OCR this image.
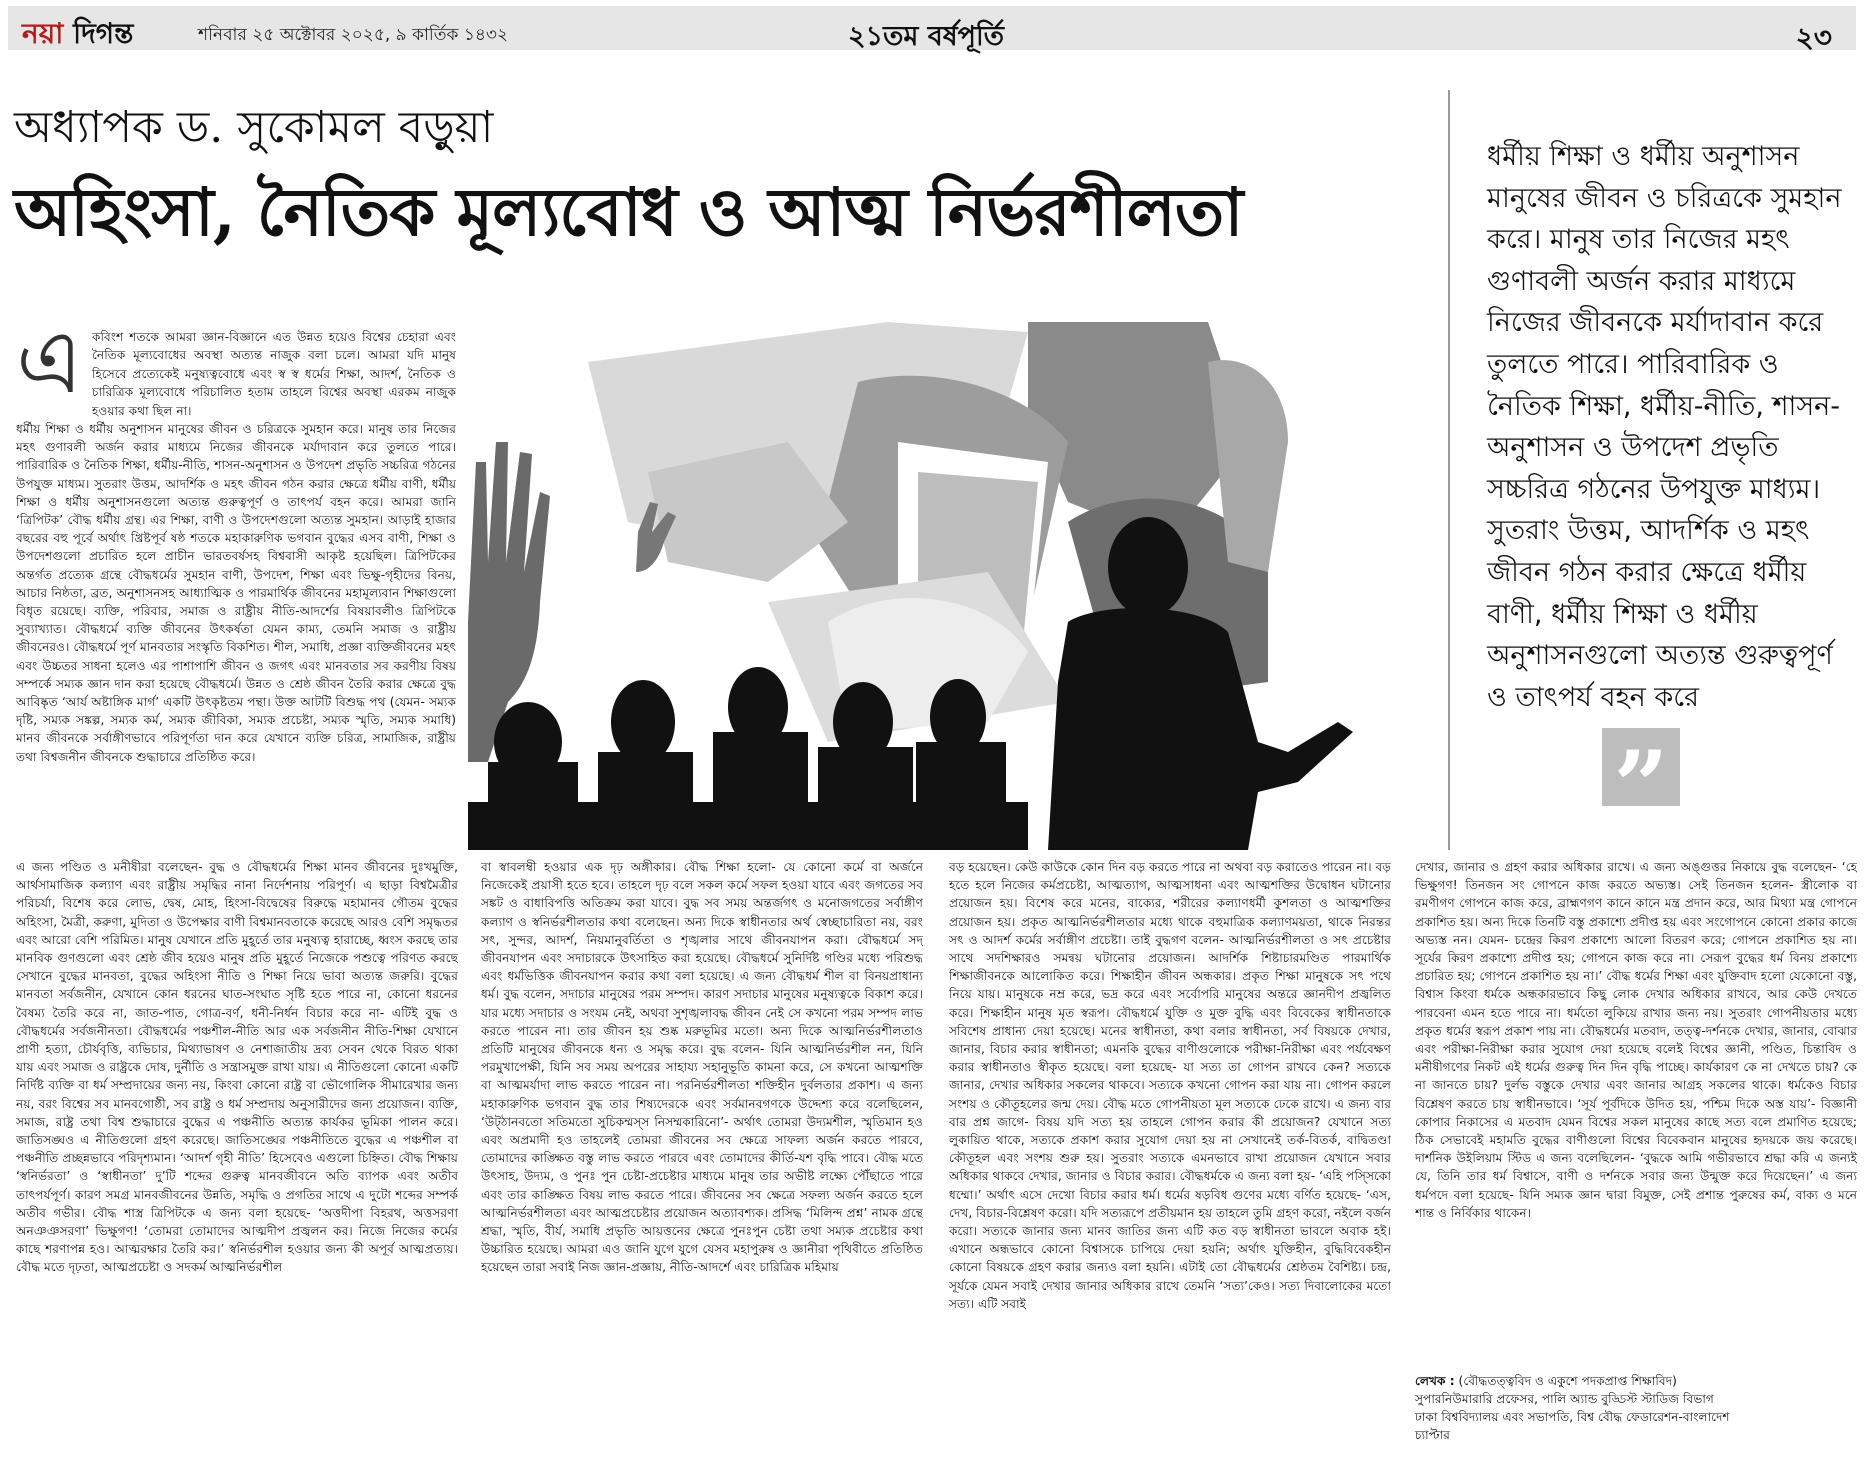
নয়া দিগন্ত	শনিবার ২৫ অক্টোবর ২০২৫, ৯ কার্তিক ১৪৩২	২১তম বর্ষপূর্তি	২৩
অধ্যাপক ড. সুকোমল বড়ুয়া
অহিংসা, নৈতিক মূল্যবোধ ও আত্ম নির্ভরশীলতা
ধর্মীয় শিক্ষা ও ধর্মীয় অনুশাসন মানুষের জীবন ও চরিত্রকে সুমহান করে। মানুষ তার নিজের মহৎ গুণাবলী অর্জন করার মাধ্যমে নিজের জীবনকে মর্যাদাবান করে তুলতে পারে। পারিবারিক ও নৈতিক শিক্ষা, ধর্মীয়-নীতি, শাসন-অনুশাসন ও উপদেশ প্রভৃতি সচ্চরিত্র গঠনের উপযুক্ত মাধ্যম। সুতরাং উত্তম, আদর্শিক ও মহৎ জীবন গঠন করার ক্ষেত্রে ধর্মীয় বাণী, ধর্মীয় শিক্ষা ও ধর্মীয় অনুশাসনগুলো অত্যন্ত গুরুত্বপূর্ণ ও তাৎপর্য বহন করে
”
এ কবিংশ শতকে আমরা জ্ঞান-বিজ্ঞানে এত উন্নত হয়েও বিশ্বের চেহারা এবং নৈতিক মূল্যবোধের অবস্থা অত্যন্ত নাজুক বলা চলে। আমরা যদি মানুষ হিসেবে প্রত্যেকেই মনুষ্যত্ববোধে এবং স্ব স্ব ধর্মের শিক্ষা, আদর্শ, নৈতিক ও চারিত্রিক মূল্যবোধে পরিচালিত হতাম তাহলে বিশ্বের অবস্থা এরকম নাজুক হওয়ার কথা ছিল না।
ধর্মীয় শিক্ষা ও ধর্মীয় অনুশাসন মানুষের জীবন ও চরিত্রকে সুমহান করে। মানুষ তার নিজের মহৎ গুণাবলী অর্জন করার মাধ্যমে নিজের জীবনকে মর্যাদাবান করে তুলতে পারে। পারিবারিক ও নৈতিক শিক্ষা, ধর্মীয়-নীতি, শাসন-অনুশাসন ও উপদেশ প্রভৃতি সচ্চরিত্র গঠনের উপযুক্ত মাধ্যম। সুতরাং উত্তম, আদর্শিক ও মহৎ জীবন গঠন করার ক্ষেত্রে ধর্মীয় বাণী, ধর্মীয় শিক্ষা ও ধর্মীয় অনুশাসনগুলো অত্যন্ত গুরুত্বপূর্ণ ও তাৎপর্য বহন করে। আমরা জানি ‘ত্রিপিটক’ বৌদ্ধ ধর্মীয় গ্রন্থ। এর শিক্ষা, বাণী ও উপদেশগুলো অত্যন্ত সুমহান। আড়াই হাজার বছরের বহু পূর্বে অর্থাৎ খ্রিষ্টপূর্ব ষষ্ঠ শতকে মহাকারুণিক ভগবান বুদ্ধের এসব বাণী, শিক্ষা ও উপদেশগুলো প্রচারিত হলে প্রাচীন ভারতবর্ষসহ বিশ্ববাসী আকৃষ্ট হয়েছিল। ত্রিপিটকের অন্তর্গত প্রত্যেক গ্রন্থে বৌদ্ধধর্মের সুমহান বাণী, উপদেশ, শিক্ষা এবং ভিক্ষু-গৃহীদের বিনয়, আচার নিষ্ঠতা, ব্রত, অনুশাসনসহ আধ্যাত্মিক ও পারমার্থিক জীবনের মহামূল্যবান শিক্ষাগুলো বিধৃত রয়েছে। ব্যক্তি, পরিবার, সমাজ ও রাষ্ট্রীয় নীতি-আদর্শের বিষয়াবলীও ত্রিপিটকে সুব্যাখ্যাত। বৌদ্ধধর্মে ব্যক্তি জীবনের উৎকর্ষতা যেমন কাম্য, তেমনি সমাজ ও রাষ্ট্রীয় জীবনেরও। বৌদ্ধধর্মে পূর্ণ মানবতার সংস্কৃতি বিকশিত। শীল, সমাধি, প্রজ্ঞা ব্যক্তিজীবনের মহৎ এবং উচ্চতর সাধনা হলেও এর পাশাপাশি জীবন ও জগৎ এবং মানবতার সব করণীয় বিষয় সম্পর্কে সম্যক জ্ঞান দান করা হয়েছে বৌদ্ধধর্মে। উন্নত ও শ্রেষ্ঠ জীবন তৈরি করার ক্ষেত্রে বুদ্ধ আবিষ্কৃত ‘আর্য অষ্টাঙ্গিক মার্গ’ একটি উৎকৃষ্টতম পন্থা। উক্ত আটটি বিশুদ্ধ পথ (যেমন- সম্যক দৃষ্টি, সম্যক সঙ্কল্প, সম্যক কর্ম, সম্যক জীবিকা, সম্যক প্রচেষ্টা, সম্যক স্মৃতি, সম্যক সমাধি) মানব জীবনকে সর্বাঙ্গীণভাবে পরিপূর্ণতা দান করে যেখানে ব্যক্তি চরিত্র, সামাজিক, রাষ্ট্রীয় তথা বিশ্বজনীন জীবনকে শুদ্ধাচারে প্রতিষ্ঠিত করে।
এ জন্য পণ্ডিত ও মনীষীরা বলেছেন- বুদ্ধ ও বৌদ্ধধর্মের শিক্ষা মানব জীবনের দুঃখমুক্তি, আর্থসামাজিক কল্যাণ এবং রাষ্ট্রীয় সমৃদ্ধির নানা নির্দেশনায় পরিপূর্ণ। এ ছাড়া বিশ্বমৈত্রীর পরিচর্যা, বিশেষ করে লোভ, দ্বেষ, মোহ, হিংসা-বিদ্বেষের বিরুদ্ধে মহামানব গৌতম বুদ্ধের অহিংসা, মৈত্রী, করুণা, মুদিতা ও উপেক্ষার বাণী বিশ্বমানবতাকে করেছে আরও বেশি সমৃদ্ধতর এবং আরো বেশি পরিমিত। মানুষ যেখানে প্রতি মুহূর্তে তার মনুষ্যত্ব হারাচ্ছে, ধ্বংস করছে তার মানবিক গুণগুলো এবং শ্রেষ্ঠ জীব হয়েও মানুষ প্রতি মুহূর্তে নিজেকে পশুত্বে পরিণত করছে সেখানে বুদ্ধের মানবতা, বুদ্ধের অহিংসা নীতি ও শিক্ষা নিয়ে ভাবা অত্যন্ত জরুরি। বুদ্ধের মানবতা সর্বজনীন, যেখানে কোন ধরনের ঘাত-সংঘাত সৃষ্টি হতে পারে না, কোনো ধরনের বৈষম্য তৈরি করে না, জাত-পাত, গোত্র-বর্ণ, ধনী-নির্ধন বিচার করে না- এটিই বুদ্ধ ও বৌদ্ধধর্মের সর্বজনীনতা। বৌদ্ধধর্মের পঞ্চশীল-নীতি আর এক সর্বজনীন নীতি-শিক্ষা যেখানে প্রাণী হত্যা, চৌর্যবৃত্তি, ব্যভিচার, মিথ্যাভাষণ ও নেশাজাতীয় দ্রব্য সেবন থেকে বিরত থাকা যায় এবং সমাজ ও রাষ্ট্রকে দোষ, দুর্নীতি ও সন্ত্রাসমুক্ত রাখা যায়। এ নীতিগুলো কোনো একটি নির্দিষ্ট ব্যক্তি বা ধর্ম সম্প্রদায়ের জন্য নয়, কিংবা কোনো রাষ্ট্র বা ভৌগোলিক সীমারেখার জন্য নয়, বরং বিশ্বের সব মানবগোষ্ঠী, সব রাষ্ট্র ও ধর্ম সম্প্রদায় অনুসারীদের জন্য প্রয়োজন। ব্যক্তি, সমাজ, রাষ্ট্র তথা বিশ্ব শুদ্ধাচারে বুদ্ধের এ পঞ্চনীতি অত্যন্ত কার্যকর ভূমিকা পালন করে। জাতিসঙ্ঘও এ নীতিগুলো গ্রহণ করেছে। জাতিসঙ্ঘের পঞ্চনীতিতে বুদ্ধের এ পঞ্চশীল বা পঞ্চনীতি প্রচ্ছন্নভাবে পরিদৃশ্যমান। ‘আদর্শ গৃহী নীতি’ হিসেবেও এগুলো চিহ্নিত। বৌদ্ধ শিক্ষায় ‘স্বনির্ভরতা’ ও ‘স্বাধীনতা’ দু’টি শব্দের গুরুত্ব মানবজীবনে অতি ব্যাপক এবং অতীব তাৎপর্যপূর্ণ। কারণ সমগ্র মানবজীবনের উন্নতি, সমৃদ্ধি ও প্রগতির সাথে এ দুটো শব্দের সম্পর্ক অতীব গভীর। বৌদ্ধ শাস্ত্র ত্রিপিটকে এ জন্য বলা হয়েছে- ‘অত্তদীপা বিহরথ, অত্তসরণা অনঞঞসরণা’ ভিক্ষুগণ! ‘তোমরা তোমাদের আত্মদীপ প্রজ্বলন কর। নিজে নিজের কর্মের কাছে শরণাপন্ন হও। আত্মরক্ষার তৈরি কর।’ স্বনির্ভরশীল হওয়ার জন্য কী অপূর্ব আত্মপ্রত্যয়। বৌদ্ধ মতে দৃঢ়তা, আত্মপ্রচেষ্টা ও সদকর্ম আত্মনির্ভরশীল
বা স্বাবলম্বী হওয়ার এক দৃঢ় অঙ্গীকার। বৌদ্ধ শিক্ষা হলো- যে কোনো কর্মে বা অর্জনে নিজেকেই প্রয়াসী হতে হবে। তাহলে দৃঢ় বলে সকল কর্মে সফল হওয়া যাবে এবং জগতের সব সঙ্কট ও বাধাবিপত্তি অতিক্রম করা যাবে। বুদ্ধ সব সময় অন্তর্জগৎ ও মনোজগতের সর্বাঙ্গীণ কল্যাণ ও স্বনির্ভরশীলতার কথা বলেছেন। অন্য দিকে স্বাধীনতার অর্থ স্বেচ্ছাচারিতা নয়, বরং সৎ, সুন্দর, আদর্শ, নিয়মানুবর্তিতা ও শৃঙ্খলার সাথে জীবনযাপন করা। বৌদ্ধধর্মে সদ্ জীবনযাপন এবং সদাচারকে উৎসাহিত করা হয়েছে। বৌদ্ধধর্মে সুনির্দিষ্ট গণ্ডির মধ্যে পরিশুদ্ধ এবং ধর্মভিত্তিক জীবনযাপন করার কথা বলা হয়েছে। এ জন্য বৌদ্ধধর্ম শীল বা বিনয়প্রাধান্য ধর্ম। বুদ্ধ বলেন, সদাচার মানুষের পরম সম্পদ। কারণ সদাচার মানুষের মনুষ্যত্বকে বিকাশ করে। যার মধ্যে সদাচার ও সংযম নেই, অথবা সুশৃঙ্খলাবদ্ধ জীবন নেই সে কখনো পরম সম্পদ লাভ করতে পারেন না। তার জীবন হয় শুষ্ক মরুভূমির মতো। অন্য দিকে আত্মনির্ভরশীলতাও প্রতিটি মানুষের জীবনকে ধন্য ও সমৃদ্ধ করে। বুদ্ধ বলেন- যিনি আত্মনির্ভরশীল নন, যিনি পরমুখাপেক্ষী, যিনি সব সময় অপরের সাহায্য সহানুভূতি কামনা করে, সে কখনো আত্মশক্তি বা আত্মমর্যাদা লাভ করতে পারেন না। পরনির্ভরশীলতা শক্তিহীন দুর্বলতার প্রকাশ। এ জন্য মহাকারুণিক ভগবান বুদ্ধ তার শিষ্যদেরকে এবং সর্বমানবগণকে উদ্দেশ্য করে বলেছিলেন, ‘উট্‌ঠানবতো সতিমতো সুচিকম্মস্স নিসম্মকারিনো’- অর্থাৎ তোমরা উদ্যমশীল, স্মৃতিমান হও এবং অপ্রমাদী হও তাহলেই তোমরা জীবনের সব ক্ষেত্রে সাফল্য অর্জন করতে পারবে, তোমাদের কাঙ্ক্ষিত বস্তু লাভ করতে পারবে এবং তোমাদের কীর্তি-যশ বৃদ্ধি পাবে। বৌদ্ধ মতে উৎসাহ, উদ্যম, ও পুনঃ পুন চেষ্টা-প্রচেষ্টার মাধ্যমে মানুষ তার অভীষ্ট লক্ষ্যে পৌঁছাতে পারে এবং তার কাঙ্ক্ষিত বিষয় লাভ করতে পারে। জীবনের সব ক্ষেত্রে সফল্য অর্জন করতে হলে আত্মনির্ভরশীলতা এবং আত্মপ্রচেষ্টার প্রয়োজন অত্যাবশ্যক। প্রসিদ্ধ ‘মিলিন্দ প্রশ্ন’ নামক গ্রন্থে শ্রদ্ধা, স্মৃতি, বীর্য, সমাধি প্রভৃতি আয়ত্তনের ক্ষেত্রে পুনঃপুন চেষ্টা তথা সম্যক প্রচেষ্টার কথা উচ্চারিত হয়েছে। আমরা এও জানি যুগে যুগে যেসব মহাপুরুষ ও জ্ঞানীরা পৃথিবীতে প্রতিষ্ঠিত হয়েছেন তারা সবাই নিজ জ্ঞান-প্রজ্ঞায়, নীতি-আদর্শে এবং চারিত্রিক মহিমায়
বড় হয়েছেন। কেউ কাউকে কোন দিন বড় করতে পারে না অথবা বড় করাতেও পারেন না। বড় হতে হলে নিজের কর্মপ্রচেষ্টা, আত্মত্যাগ, আত্মসাধনা এবং আত্মশক্তির উদ্বোধন ঘটানোর প্রয়োজন হয়। বিশেষ করে মনের, বাক্যের, শরীরের কল্যাণধর্মী কুশলতা ও আত্মশক্তির প্রয়োজন হয়। প্রকৃত আত্মনির্ভরশীলতার মধ্যে থাকে বহুমাত্রিক কল্যাণময়তা, থাকে নিরন্তর সৎ ও আদর্শ কর্মের সর্বাঙ্গীণ প্রচেষ্টা। তাই বুদ্ধগণ বলেন- আত্মনির্ভরশীলতা ও সৎ প্রচেষ্টার সাথে সদশিক্ষারও সমন্বয় ঘটানোর প্রয়োজন। আদর্শিক শিষ্টাচারমণ্ডিত পারমার্থিক শিক্ষাজীবনকে আলোকিত করে। শিক্ষাহীন জীবন অন্ধকার। প্রকৃত শিক্ষা মানুষকে সৎ পথে নিয়ে যায়। মানুষকে নম্র করে, ভদ্র করে এবং সর্বোপরি মানুষের অন্তরে জ্ঞানদীপ প্রজ্বলিত করে। শিক্ষাহীন মানুষ মৃত স্বরূপ। বৌদ্ধধর্মে যুক্তি ও মুক্ত বুদ্ধি এবং বিবেকের স্বাধীনতাকে সবিশেষ প্রাধান্য দেয়া হয়েছে। মনের স্বাধীনতা, কথা বলার স্বাধীনতা, সর্ব বিষয়কে দেখার, জানার, বিচার করার স্বাধীনতা; এমনকি বুদ্ধের বাণীগুলোকে পরীক্ষা-নিরীক্ষা এবং পর্যবেক্ষণ করার স্বাধীনতাও স্বীকৃত হয়েছে। বলা হয়েছে- যা সত্য তা গোপন রাখবে কেন? সত্যকে জানার, দেখার অধিকার সকলের থাকবে। সত্যকে কখনো গোপন করা যায় না। গোপন করলে সংশয় ও কৌতূহলের জন্ম দেয়। বৌদ্ধ মতে গোপনীয়তা মূল সত্যকে ঢেকে রাখে। এ জন্য বার বার প্রশ্ন জাগে- বিষয় যদি সত্য হয় তাহলে গোপন করার কী প্রয়োজন? যেখানে সত্য লুকায়িত থাকে, সত্যকে প্রকাশ করার সুযোগ দেয়া হয় না সেখানেই তর্ক-বিতর্ক, বাদ্বিতণ্ডা কৌতূহল এবং সংশয় শুরু হয়। সুতরাং সত্যকে এমনভাবে রাখা প্রয়োজন যেখানে সবার অধিকার থাকবে দেখার, জানার ও বিচার করার। বৌদ্ধধর্মকে এ জন্য বলা হয়- ‘এহি পস্সিকো ধম্মো।’ অর্থাৎ এসে দেখো বিচার করার ধর্ম। ধর্মের ষড়বিধ গুণের মধ্যে বর্ণিত হয়েছে- ‘এস, দেখ, বিচার-বিশ্লেষণ করো। যদি সত্যরূপে প্রতীয়মান হয় তাহলে তুমি গ্রহণ করো, নইলে বর্জন করো। সত্যকে জানার জন্য মানব জাতির জন্য এটি কত বড় স্বাধীনতা ভাবলে অবাক হই। এখানে অন্ধভাবে কোনো বিশ্বাসকে চাপিয়ে দেয়া হয়নি; অর্থাৎ যুক্তিহীন, বুদ্ধিবিবেকহীন কোনো বিষয়কে গ্রহণ করার জন্যও বলা হয়নি। এটাই তো বৌদ্ধধর্মের শ্রেষ্ঠতম বৈশিষ্ট্য। চন্দ্র, সূর্যকে যেমন সবাই দেখার জানার অধিকার রাখে তেমনি ‘সত্য’কেও। সত্য দিবালোকের মতো সত্য। এটি সবাই
দেখার, জানার ও গ্রহণ করার অধিকার রাখে। এ জন্য অঙ্গুত্তর নিকায়ে বুদ্ধ বলেছেন- ‘হে ভিক্ষুগণ! তিনজন সং গোপনে কাজ করতে অভ্যস্ত। সেই তিনজন হলেন- স্ত্রীলোক বা রমণীগণ গোপনে কাজ করে, ব্রাহ্মণগণ কানে কানে মন্ত্র প্রদান করে, আর মিথ্যা মন্ত্র গোপনে প্রকাশিত হয়। অন্য দিকে তিনটি বস্তু প্রকাশ্যে প্রদীপ্ত হয় এবং সংগোপনে কোনো প্রকার কাজে অভ্যস্ত নন। যেমন- চন্দ্রের কিরণ প্রকাশ্যে আলো বিতরণ করে; গোপনে প্রকাশিত হয় না। সূর্যের কিরণ প্রকাশ্যে প্রদীপ্ত হয়; গোপনে কাজ করে না। সেরূপ বুদ্ধের ধর্ম বিনয় প্রকাশ্যে প্রচারিত হয়; গোপনে প্রকাশিত হয় না।’ বৌদ্ধ ধর্মের শিক্ষা এবং যুক্তিবাদ হলো যেকোনো বস্তু, বিশ্বাস কিংবা ধর্মকে অন্ধকারভাবে কিছু লোক দেখার অধিকার রাখবে, আর কেউ দেখতে পারবেনা এমন হতে পারে না। ধর্মতো লুকিয়ে রাখার জন্য নয়। সুতরাং গোপনীয়তার মধ্যে প্রকৃত ধর্মের স্বরূপ প্রকাশ পায় না। বৌদ্ধধর্মের মতবাদ, তত্ত্ব-দর্শনকে দেখার, জানার, বোঝার এবং পরীক্ষা-নিরীক্ষা করার সুযোগ দেয়া হয়েছে বলেই বিশ্বের জ্ঞানী, পণ্ডিত, চিন্তাবিদ ও মনীষীগণের নিকট এই ধর্মের গুরুত্ব দিন দিন বৃদ্ধি পাচ্ছে। কার্যকারণ কে না দেখতে চায়? কে না জানতে চায়? দুর্লভ বস্তুকে দেখার এবং জানার আগ্রহ সকলের থাকে। ধর্মকেও বিচার বিশ্লেষণ করতে চায় স্বাধীনভাবে। ‘সূর্য পূর্বদিকে উদিত হয়, পশ্চিম দিকে অস্ত যায়’- বিজ্ঞানী কোপার নিকাসের এ মতবাদ যেমন বিশ্বের সকল মানুষের কাছে সত্য বলে প্রমাণিত হয়েছে; ঠিক সেভাবেই মহামতি বুদ্ধের বাণীগুলো বিশ্বের বিবেকবান মানুষের হৃদয়কে জয় করেছে। দার্শনিক উইলিয়াম স্টিড এ জন্য বলেছিলেন- ‘বুদ্ধকে আমি গভীরভাবে শ্রদ্ধা করি এ জন্যই যে, তিনি তার ধর্ম বিশ্বাসে, বাণী ও দর্শনকে সবার জন্য উন্মুক্ত করে দিয়েছেন।’ এ জন্য ধর্মপদে বলা হয়েছে- যিনি সম্যক জ্ঞান দ্বারা বিমুক্ত, সেই প্রশান্ত পুরুষের কর্ম, বাক্য ও মনে শান্ত ও নির্বিকার থাকেন।
লেখক : (বৌদ্ধতত্ত্ববিদ ও একুশে পদকপ্রাপ্ত শিক্ষাবিদ)
সুপারনিউমারারি প্রফেসর, পালি অ্যান্ড বুড্ডিস্ট স্টাডিজ বিভাগ
ঢাকা বিশ্ববিদ্যালয় এবং সভাপতি, বিশ্ব বৌদ্ধ ফেডারেশন-বাংলাদেশ
চ্যাপ্টার
